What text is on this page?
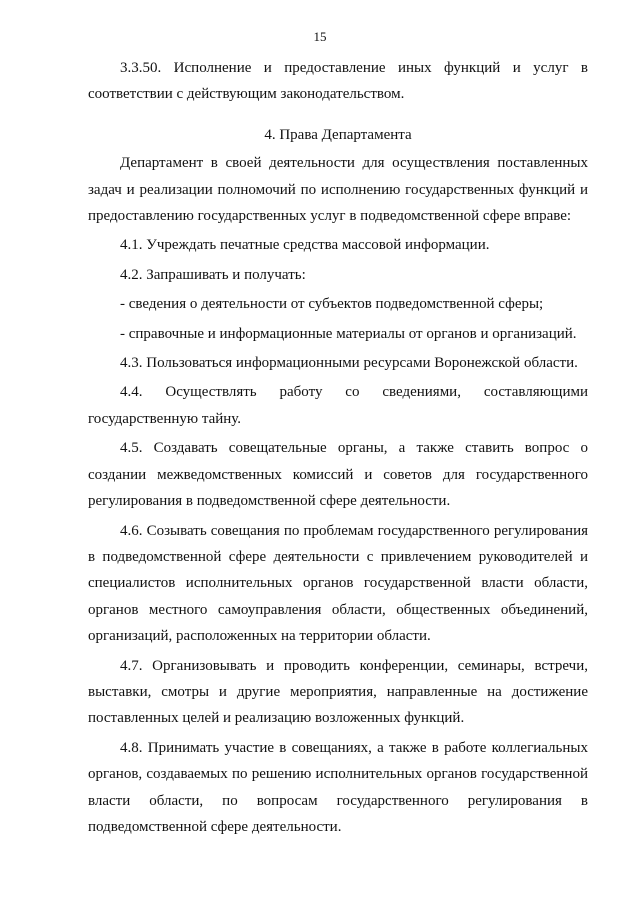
15

3.3.50. Исполнение и предоставление иных функций и услуг в соответствии с действующим законодательством.

4. Права Департамента

Департамент в своей деятельности для осуществления поставленных задач и реализации полномочий по исполнению государственных функций и предоставлению государственных услуг в подведомственной сфере вправе:

4.1. Учреждать печатные средства массовой информации.

4.2. Запрашивать и получать:

- сведения о деятельности от субъектов подведомственной сферы;

- справочные и информационные материалы от органов и организаций.

4.3. Пользоваться информационными ресурсами Воронежской области.

4.4. Осуществлять работу со сведениями, составляющими государственную тайну.

4.5. Создавать совещательные органы, а также ставить вопрос о создании межведомственных комиссий и советов для государственного регулирования в подведомственной сфере деятельности.

4.6. Созывать совещания по проблемам государственного регулирования в подведомственной сфере деятельности с привлечением руководителей и специалистов исполнительных органов государственной власти области, органов местного самоуправления области, общественных объединений, организаций, расположенных на территории области.

4.7. Организовывать и проводить конференции, семинары, встречи, выставки, смотры и другие мероприятия, направленные на достижение поставленных целей и реализацию возложенных функций.

4.8. Принимать участие в совещаниях, а также в работе коллегиальных органов, создаваемых по решению исполнительных органов государственной власти области, по вопросам государственного регулирования в подведомственной сфере деятельности.
